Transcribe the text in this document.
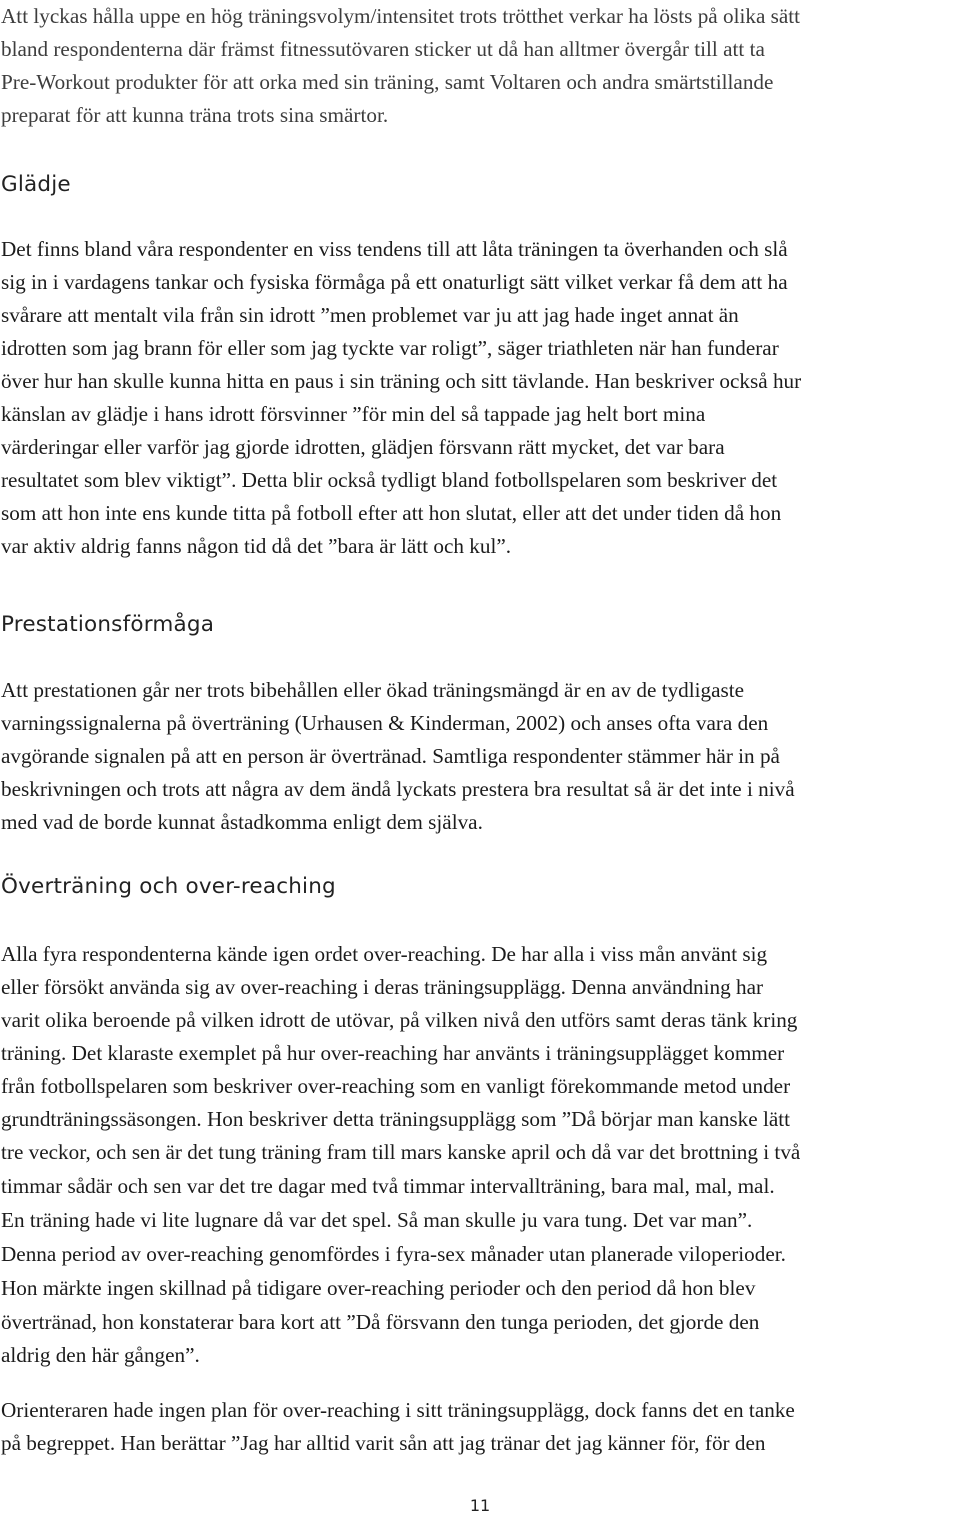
Att lyckas hålla uppe en hög träningsvolym/intensitet trots trötthet verkar ha lösts på olika sätt
bland respondenterna där främst fitnessutövaren sticker ut då han alltmer övergår till att ta
Pre-Workout produkter för att orka med sin träning, samt Voltaren och andra smärtstillande
preparat för att kunna träna trots sina smärtor.
Glädje
Det finns bland våra respondenter en viss tendens till att låta träningen ta överhanden och slå
sig in i vardagens tankar och fysiska förmåga på ett onaturligt sätt vilket verkar få dem att ha
svårare att mentalt vila från sin idrott ”men problemet var ju att jag hade inget annat än
idrotten som jag brann för eller som jag tyckte var roligt”, säger triathleten när han funderar
över hur han skulle kunna hitta en paus i sin träning och sitt tävlande. Han beskriver också hur
känslan av glädje i hans idrott försvinner ”för min del så tappade jag helt bort mina
värderingar eller varför jag gjorde idrotten, glädjen försvann rätt mycket, det var bara
resultatet som blev viktigt”. Detta blir också tydligt bland fotbollspelaren som beskriver det
som att hon inte ens kunde titta på fotboll efter att hon slutat, eller att det under tiden då hon
var aktiv aldrig fanns någon tid då det ”bara är lätt och kul”.
Prestationsförmåga
Att prestationen går ner trots bibehållen eller ökad träningsmängd är en av de tydligaste
varningssignalerna på överträning (Urhausen & Kinderman, 2002) och anses ofta vara den
avgörande signalen på att en person är övertränad. Samtliga respondenter stämmer här in på
beskrivningen och trots att några av dem ändå lyckats prestera bra resultat så är det inte i nivå
med vad de borde kunnat åstadkomma enligt dem själva.
Överträning och over-reaching
Alla fyra respondenterna kände igen ordet over-reaching. De har alla i viss mån använt sig
eller försökt använda sig av over-reaching i deras träningsupplägg. Denna användning har
varit olika beroende på vilken idrott de utövar, på vilken nivå den utförs samt deras tänk kring
träning. Det klaraste exemplet på hur over-reaching har använts i träningsupplägget kommer
från fotbollspelaren som beskriver over-reaching som en vanligt förekommande metod under
grundträningssäsongen. Hon beskriver detta träningsupplägg som ”Då börjar man kanske lätt
tre veckor, och sen är det tung träning fram till mars kanske april och då var det brottning i två
timmar sådär och sen var det tre dagar med två timmar intervallträning, bara mal, mal, mal.
En träning hade vi lite lugnare då var det spel. Så man skulle ju vara tung. Det var man”.
Denna period av over-reaching genomfördes i fyra-sex månader utan planerade viloperioder.
Hon märkte ingen skillnad på tidigare over-reaching perioder och den period då hon blev
övertränad, hon konstaterar bara kort att ”Då försvann den tunga perioden, det gjorde den
aldrig den här gången”.
Orienteraren hade ingen plan för over-reaching i sitt träningsupplägg, dock fanns det en tanke
på begreppet. Han berättar ”Jag har alltid varit sån att jag tränar det jag känner för, för den
11
